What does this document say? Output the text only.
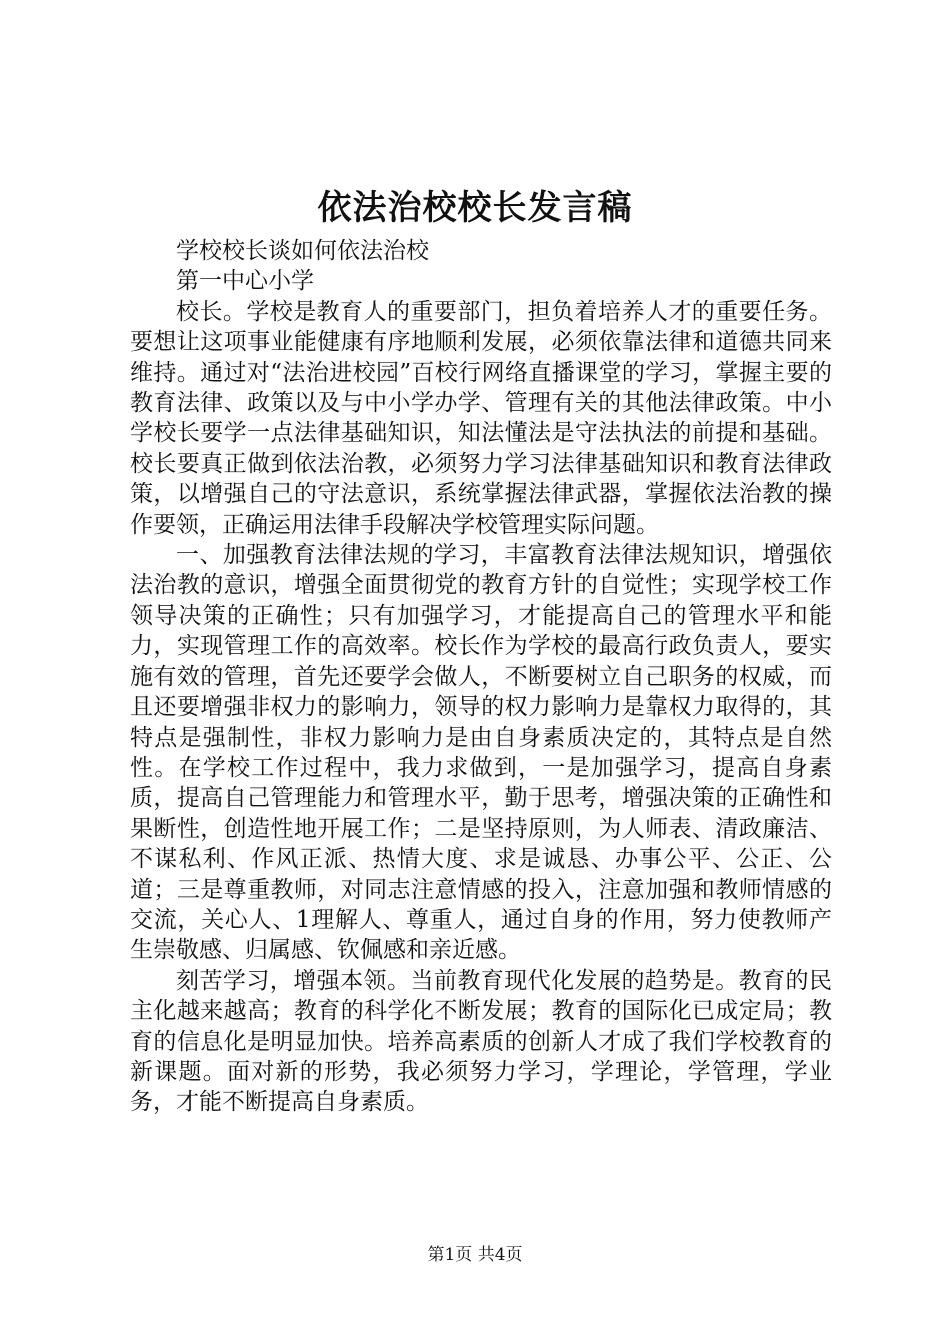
依法治校校长发言稿

学校校长谈如何依法治校

第一中心小学

校长。学校是教育人的重要部门，担负着培养人才的重要任务。要想让这项事业能健康有序地顺利发展，必须依靠法律和道德共同来维持。通过对“法治进校园”百校行网络直播课堂的学习，掌握主要的教育法律、政策以及与中小学办学、管理有关的其他法律政策。中小学校长要学一点法律基础知识，知法懂法是守法执法的前提和基础。校长要真正做到依法治教，必须努力学习法律基础知识和教育法律政策，以增强自己的守法意识，系统掌握法律武器，掌握依法治教的操作要领，正确运用法律手段解决学校管理实际问题。

一、加强教育法律法规的学习，丰富教育法律法规知识，增强依法治教的意识，增强全面贯彻党的教育方针的自觉性；实现学校工作领导决策的正确性；只有加强学习，才能提高自己的管理水平和能力，实现管理工作的高效率。校长作为学校的最高行政负责人，要实施有效的管理，首先还要学会做人，不断要树立自己职务的权威，而且还要增强非权力的影响力，领导的权力影响力是靠权力取得的，其特点是强制性，非权力影响力是由自身素质决定的，其特点是自然性。在学校工作过程中，我力求做到，一是加强学习，提高自身素质，提高自己管理能力和管理水平，勤于思考，增强决策的正确性和果断性，创造性地开展工作；二是坚持原则，为人师表、清政廉洁、不谋私利、作风正派、热情大度、求是诚恳、办事公平、公正、公道；三是尊重教师，对同志注意情感的投入，注意加强和教师情感的交流，关心人、1理解人、尊重人，通过自身的作用，努力使教师产生崇敬感、归属感、钦佩感和亲近感。

刻苦学习，增强本领。当前教育现代化发展的趋势是。教育的民主化越来越高；教育的科学化不断发展；教育的国际化已成定局；教育的信息化是明显加快。培养高素质的创新人才成了我们学校教育的新课题。面对新的形势，我必须努力学习，学理论，学管理，学业务，才能不断提高自身素质。

第1页 共4页
